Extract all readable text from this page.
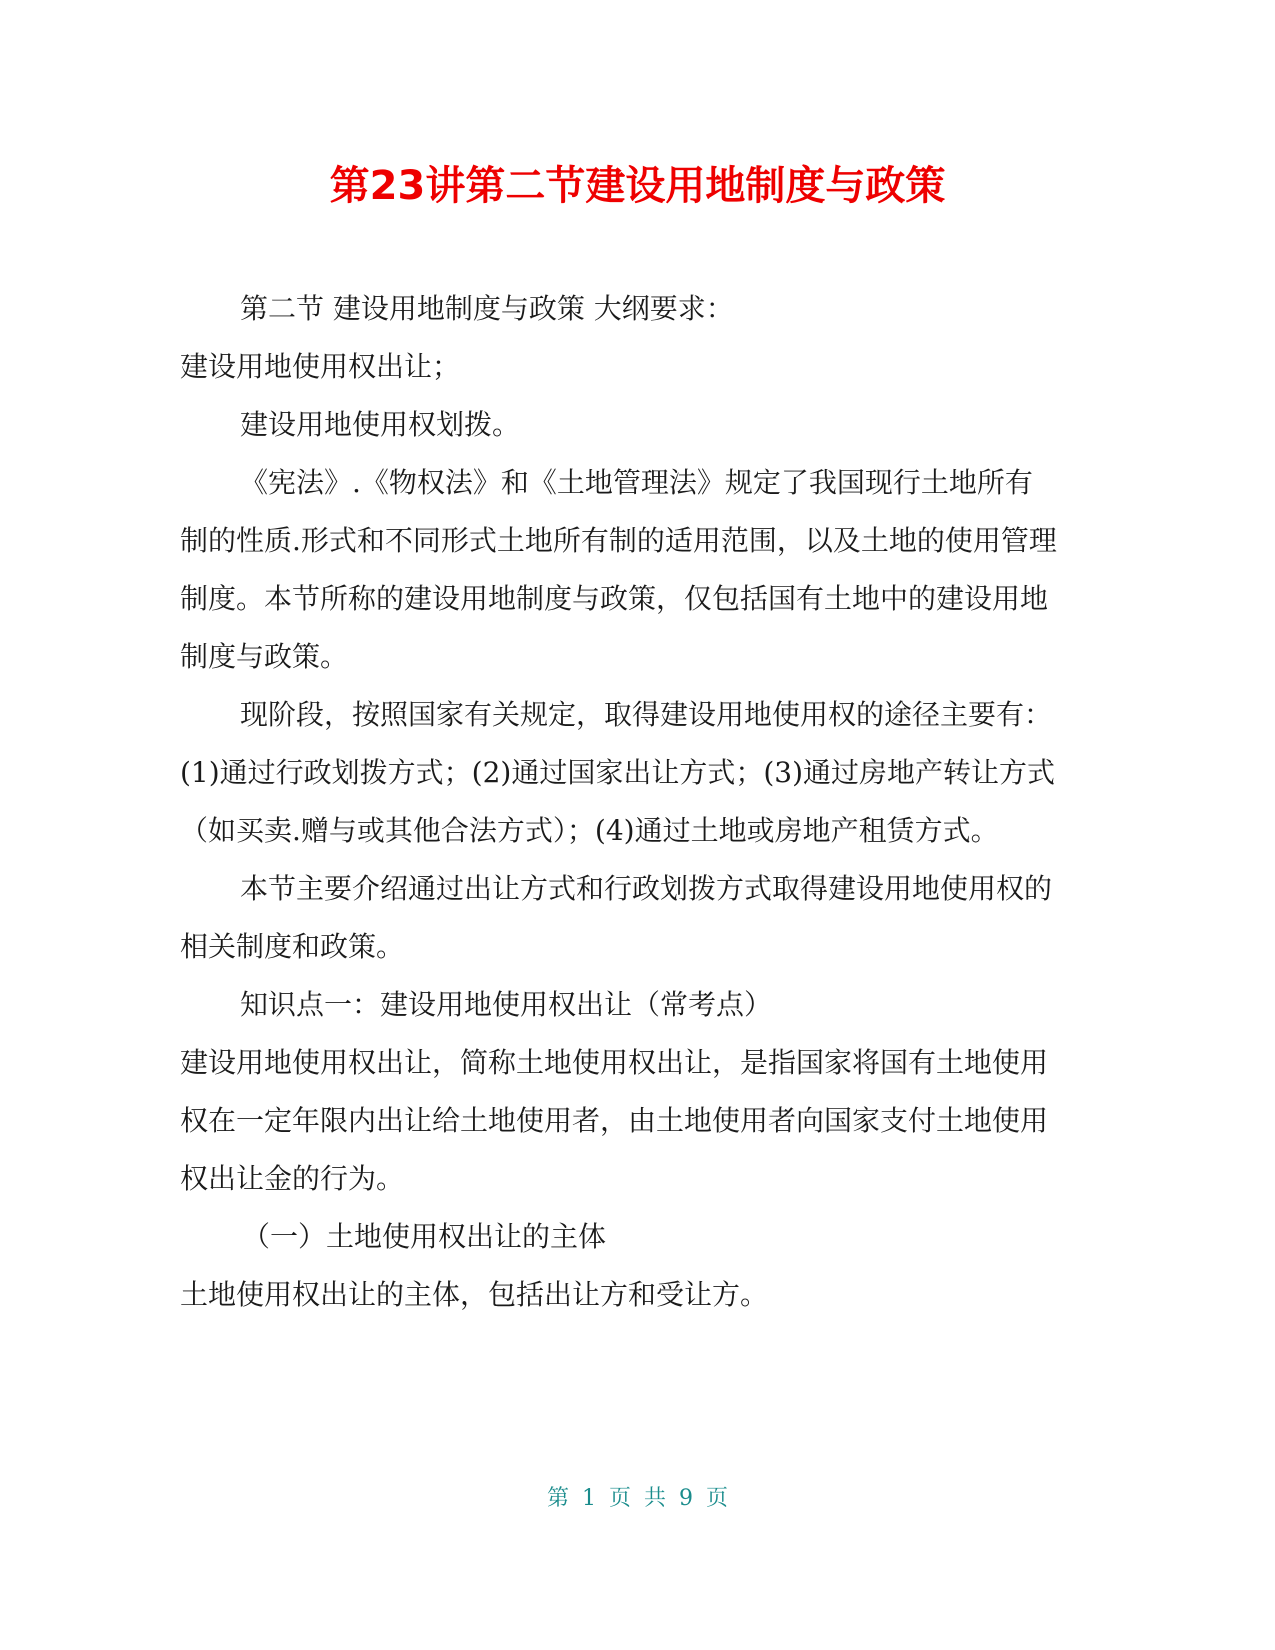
第23讲第二节建设用地制度与政策

第二节 建设用地制度与政策 大纲要求：

建设用地使用权出让；

建设用地使用权划拨。

《宪法》.《物权法》和《土地管理法》规定了我国现行土地所有制的性质.形式和不同形式土地所有制的适用范围，以及土地的使用管理制度。本节所称的建设用地制度与政策，仅包括国有土地中的建设用地制度与政策。

现阶段，按照国家有关规定，取得建设用地使用权的途径主要有：(1)通过行政划拨方式；(2)通过国家出让方式；(3)通过房地产转让方式（如买卖.赠与或其他合法方式）；(4)通过土地或房地产租赁方式。

本节主要介绍通过出让方式和行政划拨方式取得建设用地使用权的相关制度和政策。

知识点一：建设用地使用权出让（常考点）

建设用地使用权出让，简称土地使用权出让，是指国家将国有土地使用权在一定年限内出让给土地使用者，由土地使用者向国家支付土地使用权出让金的行为。

（一）土地使用权出让的主体

土地使用权出让的主体，包括出让方和受让方。

第 1 页 共 9 页
